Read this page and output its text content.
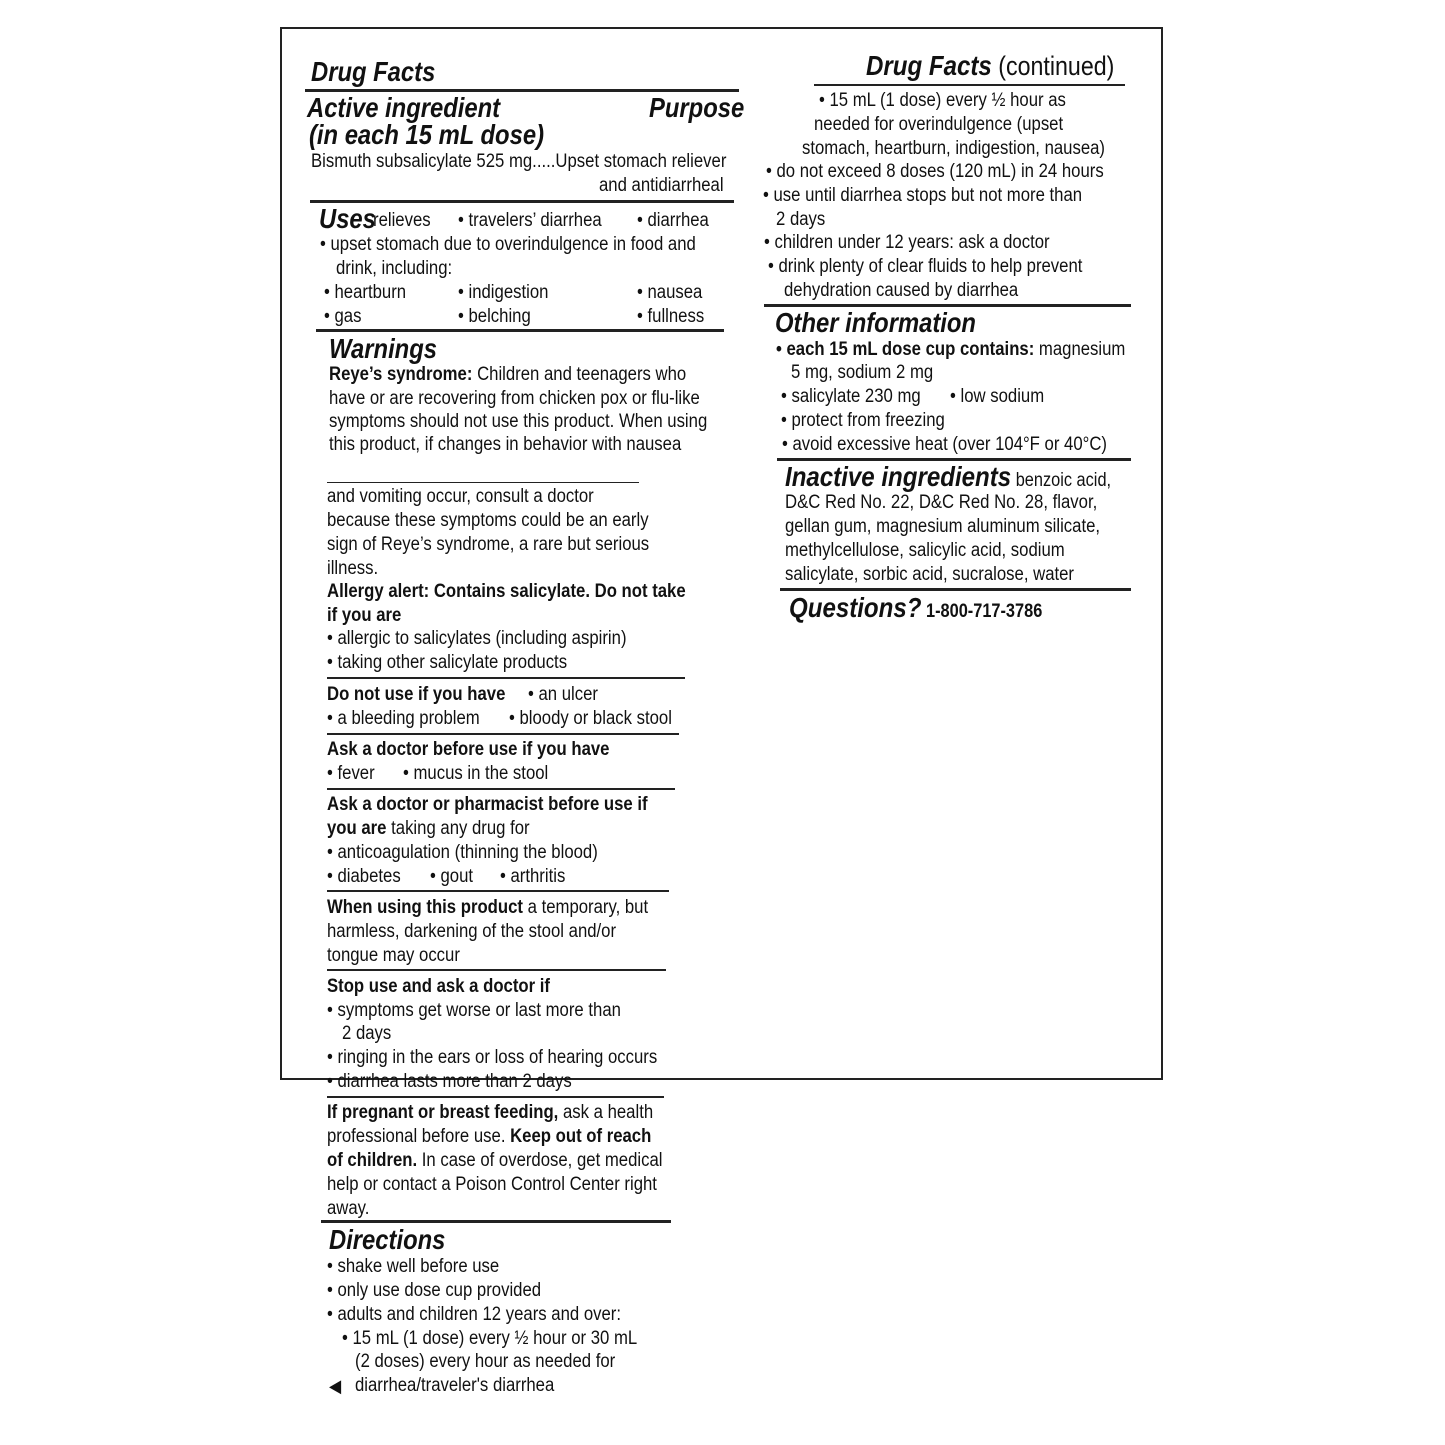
Drug Facts
Active ingredient
(in each 15 mL dose)
Purpose
Bismuth subsalicylate 525 mg.....Upset stomach reliever
and antidiarrheal
Uses
relieves • travelers’ diarrhea • diarrhea
• upset stomach due to overindulgence in food and
drink, including:
• heartburn	• indigestion	• nausea
• gas	• belching	• fullness
Warnings
Reye’s syndrome: Children and teenagers who
have or are recovering from chicken pox or flu-like
symptoms should not use this product. When using
this product, if changes in behavior with nausea
and vomiting occur, consult a doctor
because these symptoms could be an early
sign of Reye’s syndrome, a rare but serious
illness.
Allergy alert: Contains salicylate. Do not take
if you are
• allergic to salicylates (including aspirin)
• taking other salicylate products
Do not use if you have • an ulcer
• a bleeding problem • bloody or black stool
Ask a doctor before use if you have
• fever • mucus in the stool
Ask a doctor or pharmacist before use if
you are taking any drug for
• anticoagulation (thinning the blood)
• diabetes • gout • arthritis
When using this product a temporary, but
harmless, darkening of the stool and/or
tongue may occur
Stop use and ask a doctor if
• symptoms get worse or last more than
2 days
• ringing in the ears or loss of hearing occurs
• diarrhea lasts more than 2 days
If pregnant or breast feeding, ask a health
professional before use. Keep out of reach
of children. In case of overdose, get medical
help or contact a Poison Control Center right
away.
Directions
• shake well before use
• only use dose cup provided
• adults and children 12 years and over:
• 15 mL (1 dose) every ½ hour or 30 mL
(2 doses) every hour as needed for
◀ diarrhea/traveler's diarrhea
Drug Facts (continued)
• 15 mL (1 dose) every ½ hour as
needed for overindulgence (upset
stomach, heartburn, indigestion, nausea)
• do not exceed 8 doses (120 mL) in 24 hours
• use until diarrhea stops but not more than
2 days
• children under 12 years: ask a doctor
• drink plenty of clear fluids to help prevent
dehydration caused by diarrhea
Other information
• each 15 mL dose cup contains: magnesium
5 mg, sodium 2 mg
• salicylate 230 mg • low sodium
• protect from freezing
• avoid excessive heat (over 104°F or 40°C)
Inactive ingredients benzoic acid,
D&C Red No. 22, D&C Red No. 28, flavor,
gellan gum, magnesium aluminum silicate,
methylcellulose, salicylic acid, sodium
salicylate, sorbic acid, sucralose, water
Questions? 1-800-717-3786
